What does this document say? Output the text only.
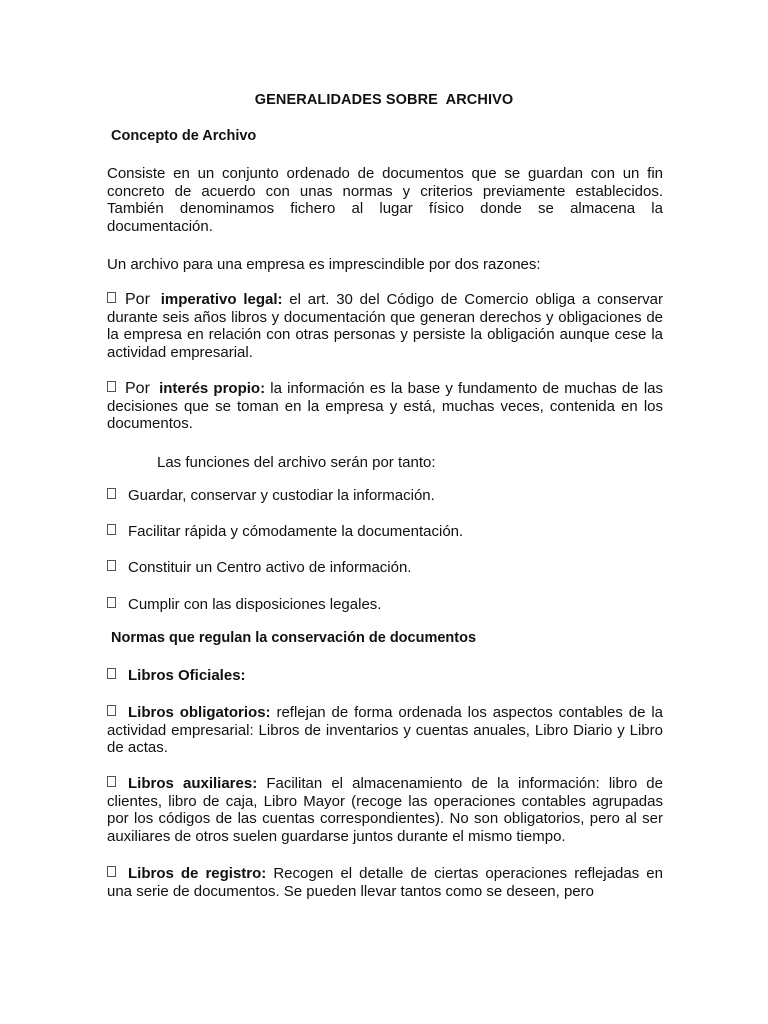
GENERALIDADES SOBRE  ARCHIVO
Concepto de Archivo
Consiste en un conjunto ordenado de documentos que se guardan con un fin concreto de acuerdo con unas normas y criterios previamente establecidos. También denominamos fichero al lugar físico donde se almacena la documentación.
Un archivo para una empresa es imprescindible por dos razones:
Por imperativo legal: el art. 30 del Código de Comercio obliga a conservar durante seis años libros y documentación que generan derechos y obligaciones de la empresa en relación con otras personas y persiste la obligación aunque cese la actividad empresarial.
Por interés propio: la información es la base y fundamento de muchas de las decisiones que se toman en la empresa y está, muchas veces, contenida en los documentos.
Las funciones del archivo serán por tanto:
Guardar, conservar y custodiar la información.
Facilitar rápida y cómodamente la documentación.
Constituir un Centro activo de información.
Cumplir con las disposiciones legales.
Normas que regulan la conservación de documentos
Libros Oficiales:
Libros obligatorios: reflejan de forma ordenada los aspectos contables de la actividad empresarial: Libros de inventarios y cuentas anuales, Libro Diario y Libro de actas.
Libros auxiliares: Facilitan el almacenamiento de la información: libro de clientes, libro de caja, Libro Mayor (recoge las operaciones contables agrupadas por los códigos de las cuentas correspondientes). No son obligatorios, pero al ser auxiliares de otros suelen guardarse juntos durante el mismo tiempo.
Libros de registro: Recogen el detalle de ciertas operaciones reflejadas en una serie de documentos. Se pueden llevar tantos como se deseen, pero
